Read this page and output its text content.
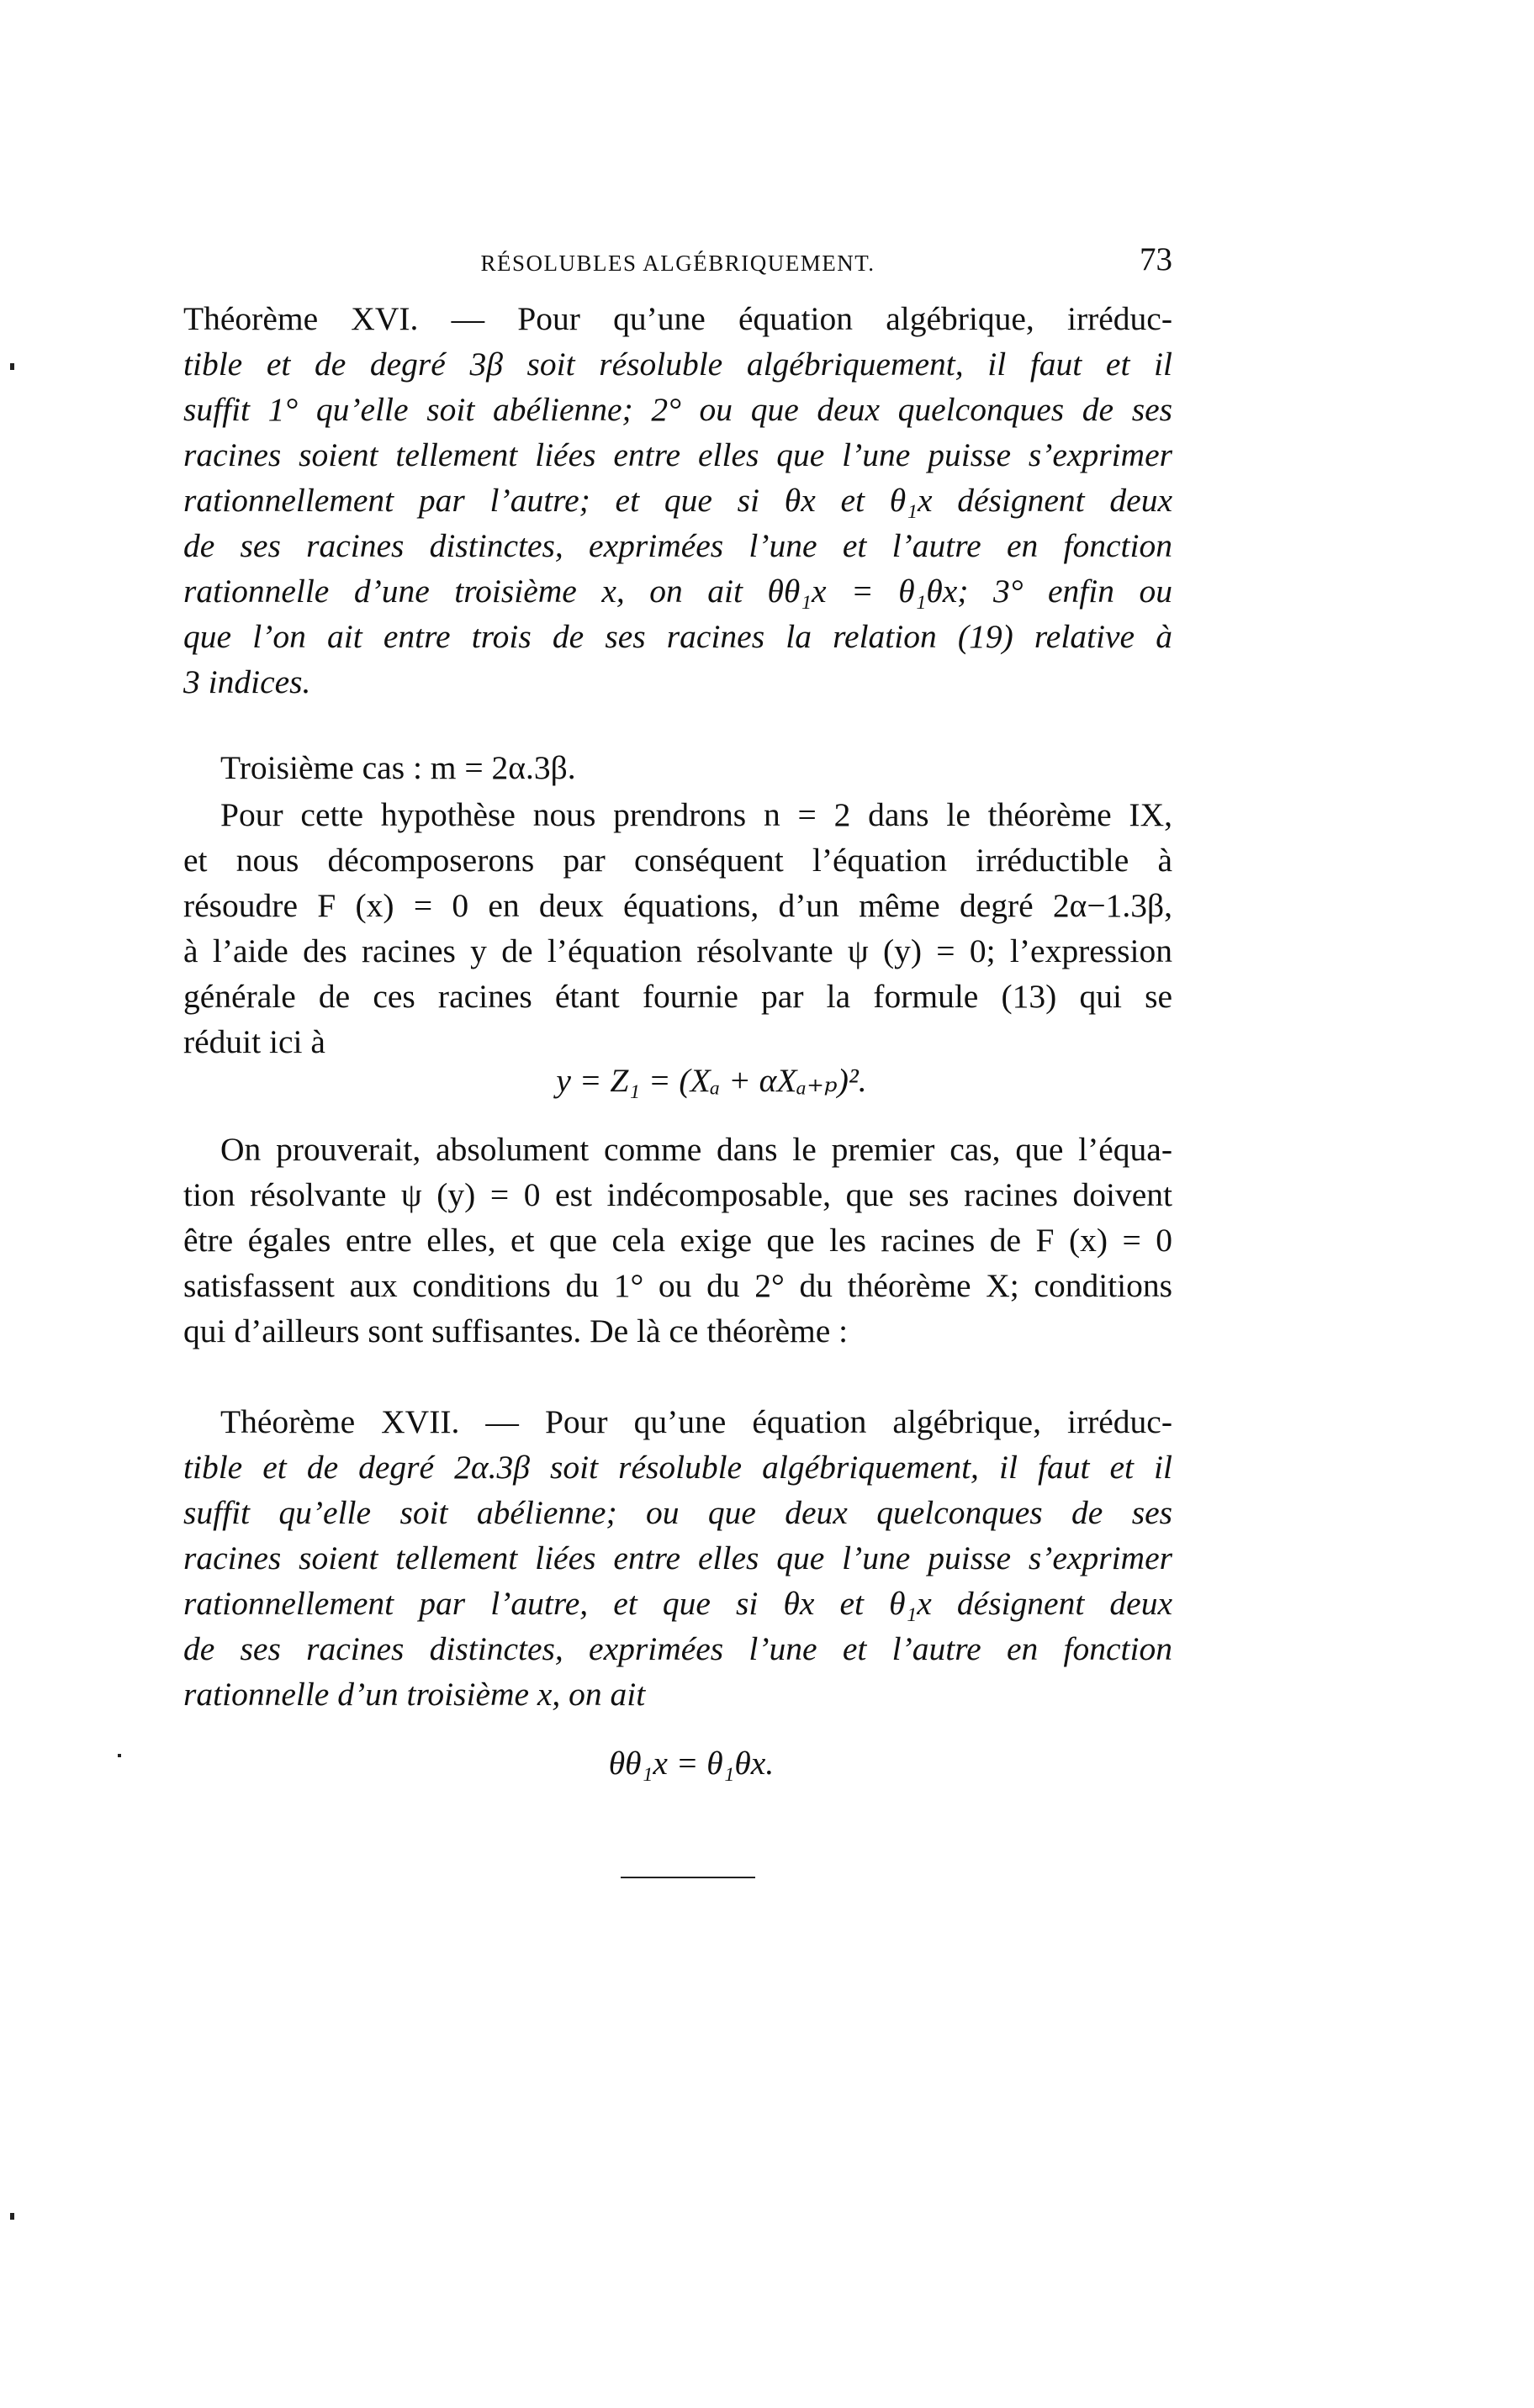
RÉSOLUBLES ALGÉBRIQUEMENT.	73
Théorème XVI. — Pour qu’une équation algébrique, irréduc-
tible et de degré 3β soit résoluble algébriquement, il faut et il
suffit 1° qu’elle soit abélienne; 2° ou que deux quelconques de ses
racines soient tellement liées entre elles que l’une puisse s’exprimer
rationnellement par l’autre; et que si θx et θ₁x désignent deux
de ses racines distinctes, exprimées l’une et l’autre en fonction
rationnelle d’une troisième x, on ait θθ₁x = θ₁θx; 3° enfin ou
que l’on ait entre trois de ses racines la relation (19) relative à
3 indices.
Troisième cas : m = 2α.3β.
Pour cette hypothèse nous prendrons n = 2 dans le théorème IX,
et nous décomposerons par conséquent l’équation irréductible à
résoudre F (x) = 0 en deux équations, d’un même degré 2α−1.3β,
à l’aide des racines y de l’équation résolvante ψ (y) = 0; l’expression
générale de ces racines étant fournie par la formule (13) qui se
réduit ici à
y = Z₁ = (Xₐ + αXₐ₊ₚ)².
On prouverait, absolument comme dans le premier cas, que l’équa-
tion résolvante ψ (y) = 0 est indécomposable, que ses racines doivent
être égales entre elles, et que cela exige que les racines de F (x) = 0
satisfassent aux conditions du 1° ou du 2° du théorème X; conditions
qui d’ailleurs sont suffisantes. De là ce théorème :
Théorème XVII. — Pour qu’une équation algébrique, irréduc-
tible et de degré 2α.3β soit résoluble algébriquement, il faut et il
suffit qu’elle soit abélienne; ou que deux quelconques de ses
racines soient tellement liées entre elles que l’une puisse s’exprimer
rationnellement par l’autre, et que si θx et θ₁x désignent deux
de ses racines distinctes, exprimées l’une et l’autre en fonction
rationnelle d’un troisième x, on ait
θθ₁x = θ₁θx.
